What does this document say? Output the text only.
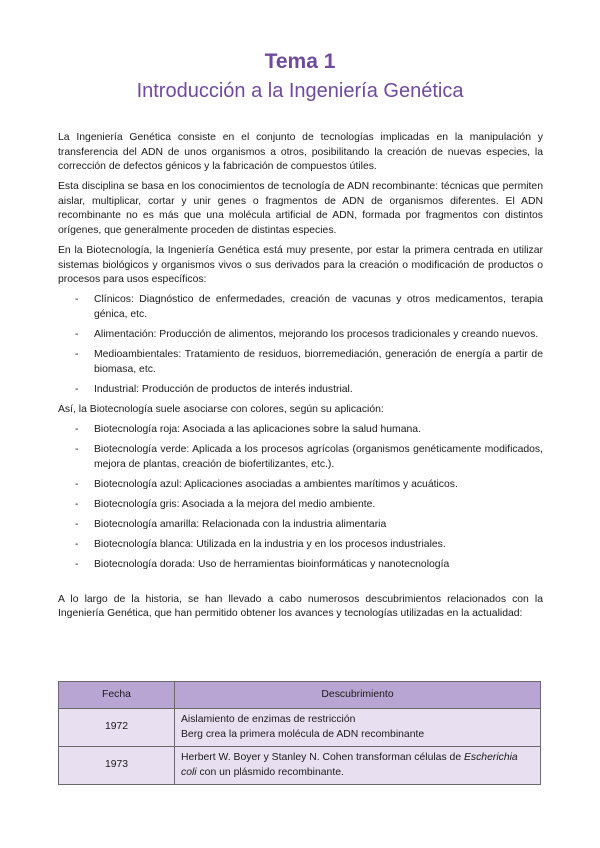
Tema 1
Introducción a la Ingeniería Genética

La Ingeniería Genética consiste en el conjunto de tecnologías implicadas en la manipulación y transferencia del ADN de unos organismos a otros, posibilitando la creación de nuevas especies, la corrección de defectos génicos y la fabricación de compuestos útiles.

Esta disciplina se basa en los conocimientos de tecnología de ADN recombinante: técnicas que permiten aislar, multiplicar, cortar y unir genes o fragmentos de ADN de organismos diferentes. El ADN recombinante no es más que una molécula artificial de ADN, formada por fragmentos con distintos orígenes, que generalmente proceden de distintas especies.

En la Biotecnología, la Ingeniería Genética está muy presente, por estar la primera centrada en utilizar sistemas biológicos y organismos vivos o sus derivados para la creación o modificación de productos o procesos para usos específicos:

- Clínicos: Diagnóstico de enfermedades, creación de vacunas y otros medicamentos, terapia génica, etc.
- Alimentación: Producción de alimentos, mejorando los procesos tradicionales y creando nuevos.
- Medioambientales: Tratamiento de residuos, biorremediación, generación de energía a partir de biomasa, etc.
- Industrial: Producción de productos de interés industrial.

Así, la Biotecnología suele asociarse con colores, según su aplicación:

- Biotecnología roja: Asociada a las aplicaciones sobre la salud humana.
- Biotecnología verde: Aplicada a los procesos agrícolas (organismos genéticamente modificados, mejora de plantas, creación de biofertilizantes, etc.).
- Biotecnología azul: Aplicaciones asociadas a ambientes marítimos y acuáticos.
- Biotecnología gris: Asociada a la mejora del medio ambiente.
- Biotecnología amarilla: Relacionada con la industria alimentaria
- Biotecnología blanca: Utilizada en la industria y en los procesos industriales.
- Biotecnología dorada: Uso de herramientas bioinformáticas y nanotecnología

A lo largo de la historia, se han llevado a cabo numerosos descubrimientos relacionados con la Ingeniería Genética, que han permitido obtener los avances y tecnologías utilizadas en la actualidad:

Fecha	Descubrimiento
1972	Aislamiento de enzimas de restricción
Berg crea la primera molécula de ADN recombinante

1973	Herbert W. Boyer y Stanley N. Cohen transforman células de Escherichia coli con un plásmido recombinante.
